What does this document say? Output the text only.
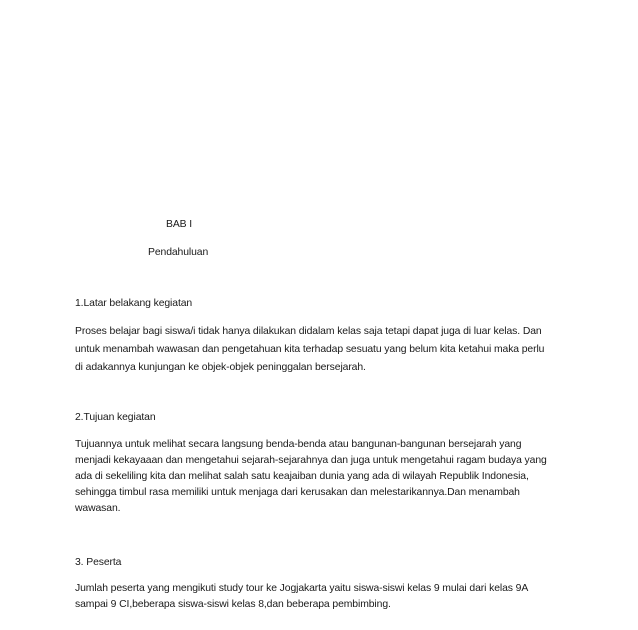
BAB I
Pendahuluan
1.Latar belakang kegiatan
Proses belajar bagi siswa/i tidak hanya dilakukan didalam kelas saja tetapi dapat juga di luar kelas. Dan
untuk menambah wawasan dan pengetahuan kita terhadap sesuatu yang belum kita ketahui maka perlu
di adakannya kunjungan ke objek-objek peninggalan bersejarah.
2.Tujuan kegiatan
Tujuannya untuk melihat secara langsung benda-benda atau bangunan-bangunan bersejarah yang
menjadi kekayaaan dan mengetahui sejarah-sejarahnya dan juga untuk mengetahui ragam budaya yang
ada di sekeliling kita dan melihat salah satu keajaiban dunia yang ada di wilayah Republik Indonesia,
sehingga timbul rasa memiliki untuk menjaga dari kerusakan dan melestarikannya.Dan menambah
wawasan.
3. Peserta
Jumlah peserta yang mengikuti study tour ke Jogjakarta yaitu siswa-siswi kelas 9 mulai dari kelas 9A
sampai 9 CI,beberapa siswa-siswi kelas 8,dan beberapa pembimbing.
